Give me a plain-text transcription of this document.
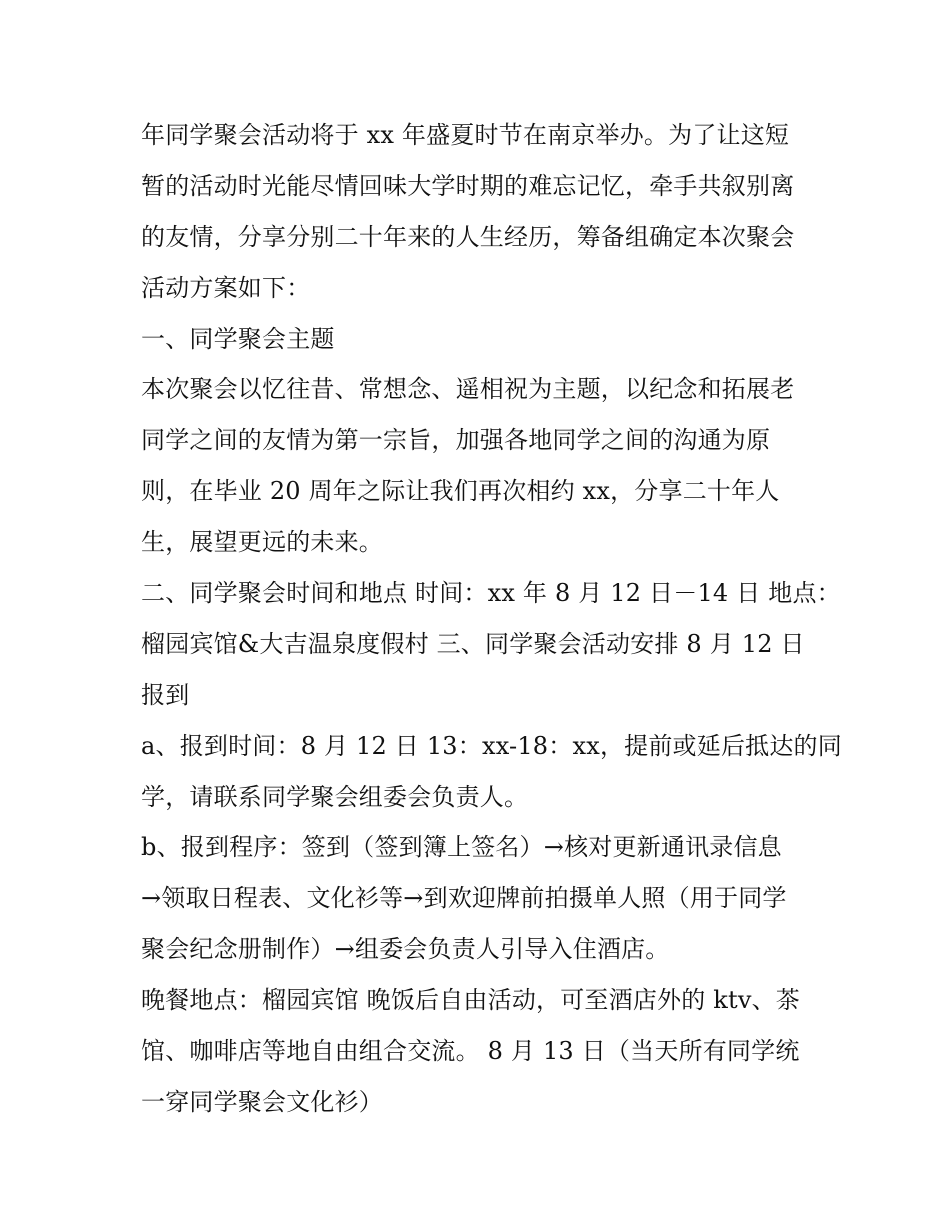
年同学聚会活动将于 xx 年盛夏时节在南京举办。为了让这短
暂的活动时光能尽情回味大学时期的难忘记忆，牵手共叙别离
的友情，分享分别二十年来的人生经历，筹备组确定本次聚会
活动方案如下：
一、同学聚会主题
本次聚会以忆往昔、常想念、遥相祝为主题，以纪念和拓展老
同学之间的友情为第一宗旨，加强各地同学之间的沟通为原
则，在毕业 20 周年之际让我们再次相约 xx，分享二十年人
生，展望更远的未来。
二、同学聚会时间和地点 时间：xx 年 8 月 12 日－14 日 地点：
榴园宾馆&大吉温泉度假村 三、同学聚会活动安排 8 月 12 日
报到
a、报到时间：8 月 12 日 13：xx-18：xx，提前或延后抵达的同
学，请联系同学聚会组委会负责人。
b、报到程序：签到（签到簿上签名）→核对更新通讯录信息
→领取日程表、文化衫等→到欢迎牌前拍摄单人照（用于同学
聚会纪念册制作）→组委会负责人引导入住酒店。
晚餐地点：榴园宾馆 晚饭后自由活动，可至酒店外的 ktv、茶
馆、咖啡店等地自由组合交流。 8 月 13 日（当天所有同学统
一穿同学聚会文化衫）
